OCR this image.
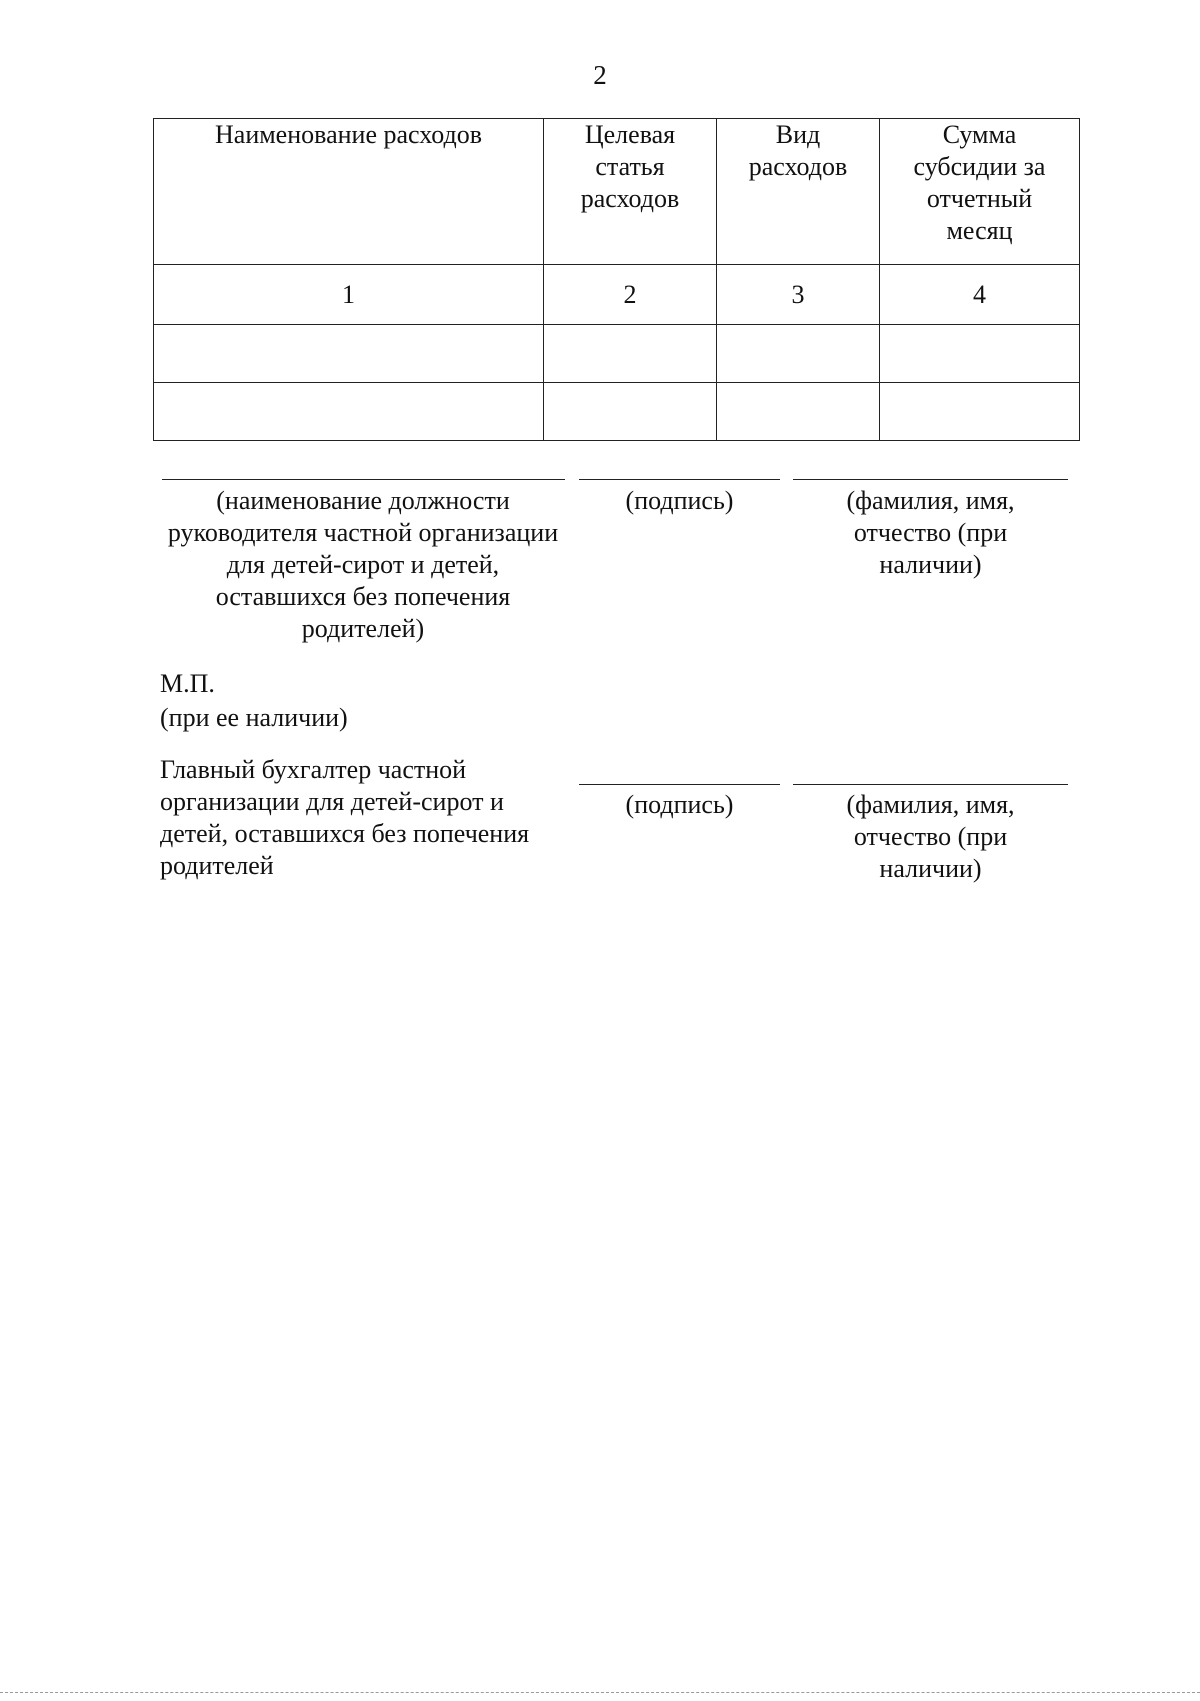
2
Наименование расходов	Целевая статья расходов	Вид расходов	Сумма субсидии за отчетный месяц
1	2	3	4

(наименование должности руководителя частной организации для детей-сирот и детей, оставшихся без попечения родителей)
(подпись)	(фамилия, имя, отчество (при наличии)
М.П.
(при ее наличии)
Главный бухгалтер частной организации для детей-сирот и детей, оставшихся без попечения родителей
(подпись)	(фамилия, имя, отчество (при наличии)
